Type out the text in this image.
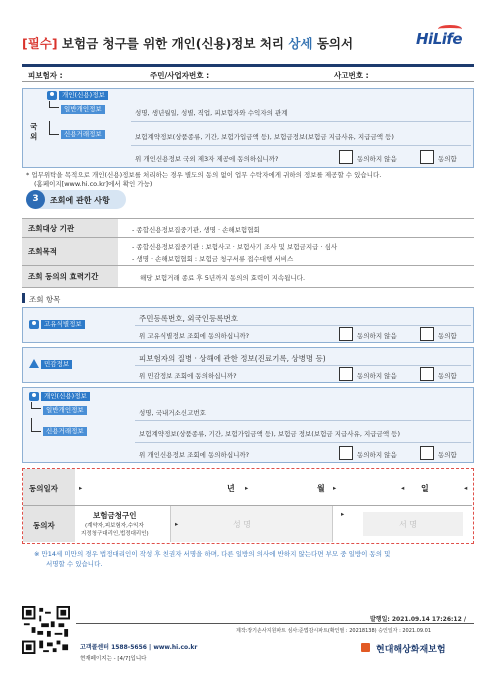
[필수] 보험금 청구를 위한 개인(신용)정보 처리 상세 동의서	HiLife
피보험자 :	주민/사업자번호 :	사고번호 :
국
외
개인(신용)정보
일반개인정보
신용거래정보
성명, 생년월일, 성별, 직업, 피보험자와 수익자의 관계
보험계약정보(상품종류, 기간, 보험가입금액 등), 보험금정보(보험금 지급사유, 지급금액 등)
위 개인신용정보 국외 제3자 제공에 동의하십니까?	동의하지 않음	동의함
* 업무위탁을 목적으로 개인(신용)정보를 처리하는 경우 별도의 동의 없이 업무 수탁자에게 귀하의 정보를 제공할 수 있습니다.
(홈페이지[www.hi.co.kr]에서 확인 가능)
3	조회에 관한 사항
조회대상 기관	- 종합신용정보집중기관, 생명 · 손해보험협회
조회목적	- 종합신용정보집중기관 : 보험사고 · 보험사기 조사 및 보험금지급 · 심사
- 생명 · 손해보험협회 : 보험금 청구서류 접수대행 서비스
조회 동의의 효력기간	해당 보험거래 종료 후 5년까지 동의의 효력이 지속됩니다.
조회 항목
고유식별정보
주민등록번호, 외국인등록번호
위 고유식별정보 조회에 동의하십니까?	동의하지 않음	동의함
민감정보
피보험자의 질병 · 상해에 관한 정보(진료기록, 상병명 등)
위 민감정보 조회에 동의하십니까?	동의하지 않음	동의함
개인(신용)정보
일반개인정보
신용거래정보
성명, 국내거소신고번호
보험계약정보(상품종류, 기간, 보험가입금액 등), 보험금 정보(보험금 지급사유, 지급금액 등)
위 개인신용정보 조회에 동의하십니까?	동의하지 않음	동의함
동의일자	▸	년 ▸	월 ▸	◂ 일	◂
동의자
보험금청구인
(계약자,피보험자,수익자
지정청구대리인,법정대리인)
▸	성 명
▸
서 명
※ 만14세 미만의 경우 법정대리인이 작성 후 친권자 서명을 하며, 다른 일방의 의사에 반하지 않는다면 부모 중 일방이 동의 및
서명할 수 있습니다.
발행일: 2021.09.14 17:26:12 /
제작:장기손사지원파트 심사:준법감시파트(확인필 : 20218138) 승인일자 : 2021.09.01
고객콜센터 1588-5656 | www.hi.co.kr
현재페이지는 - [4/7]입니다
현대해상화재보험
